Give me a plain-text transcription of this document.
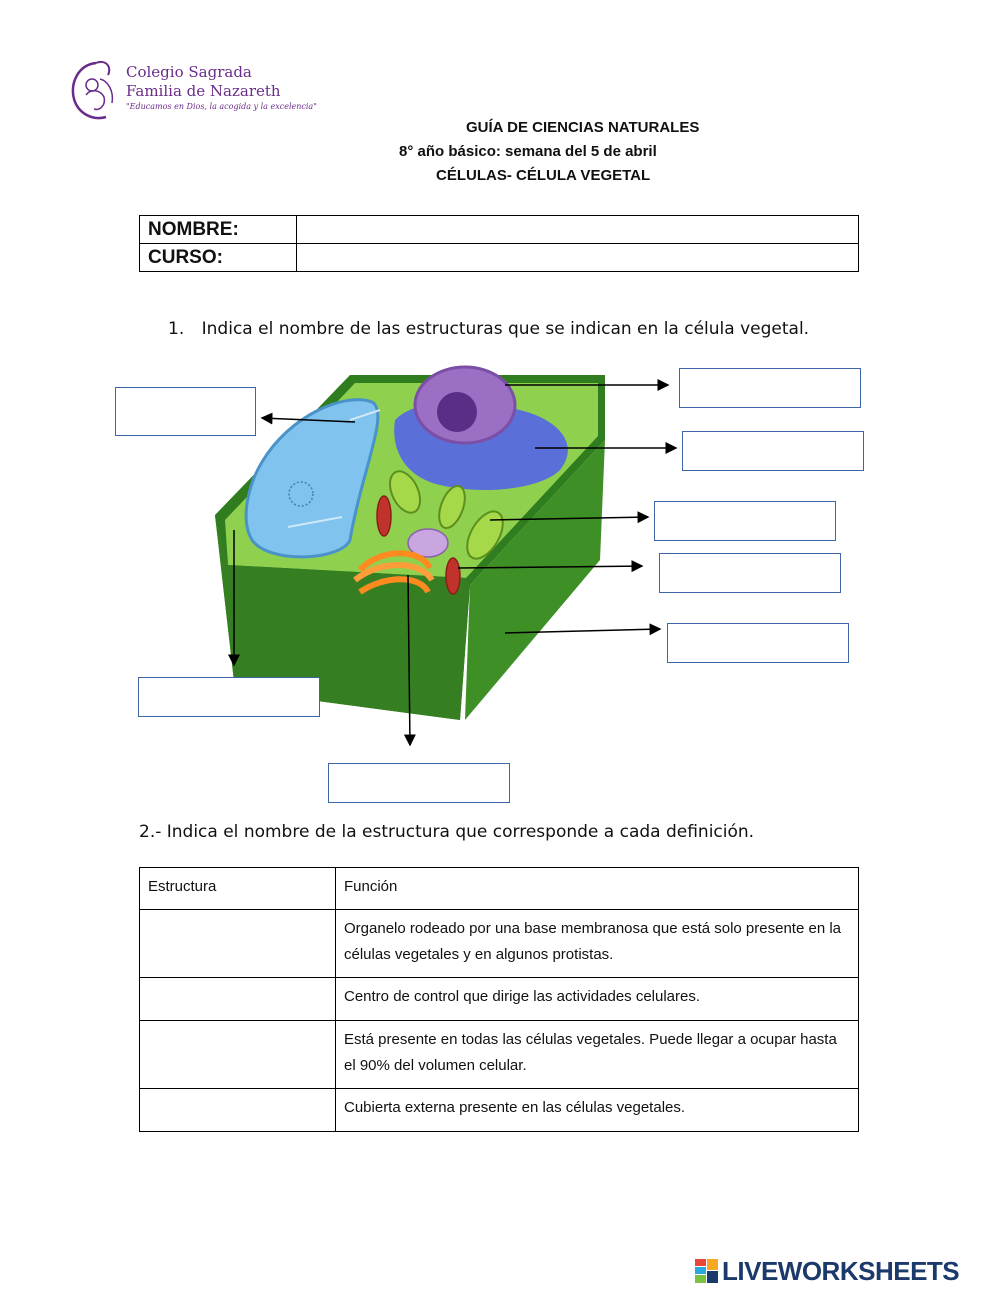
Colegio Sagrada
Familia de Nazareth
"Educamos en Dios, la acogida y la excelencia"
GUÍA DE CIENCIAS NATURALES
8° año básico: semana del 5 de abril
CÉLULAS- CÉLULA VEGETAL
NOMBRE:	
CURSO:	
1. Indica el nombre de las estructuras que se indican en la célula vegetal.
2.- Indica el nombre de la estructura que corresponde a cada definición.
Estructura	Función
	Organelo rodeado por una base membranosa que está solo presente en la células vegetales y en algunos protistas.
	Centro de control que dirige las actividades celulares.
	Está presente en todas las células vegetales. Puede llegar a ocupar hasta el 90% del volumen celular.
	Cubierta externa presente en las células vegetales.
LIVEWORKSHEETS
